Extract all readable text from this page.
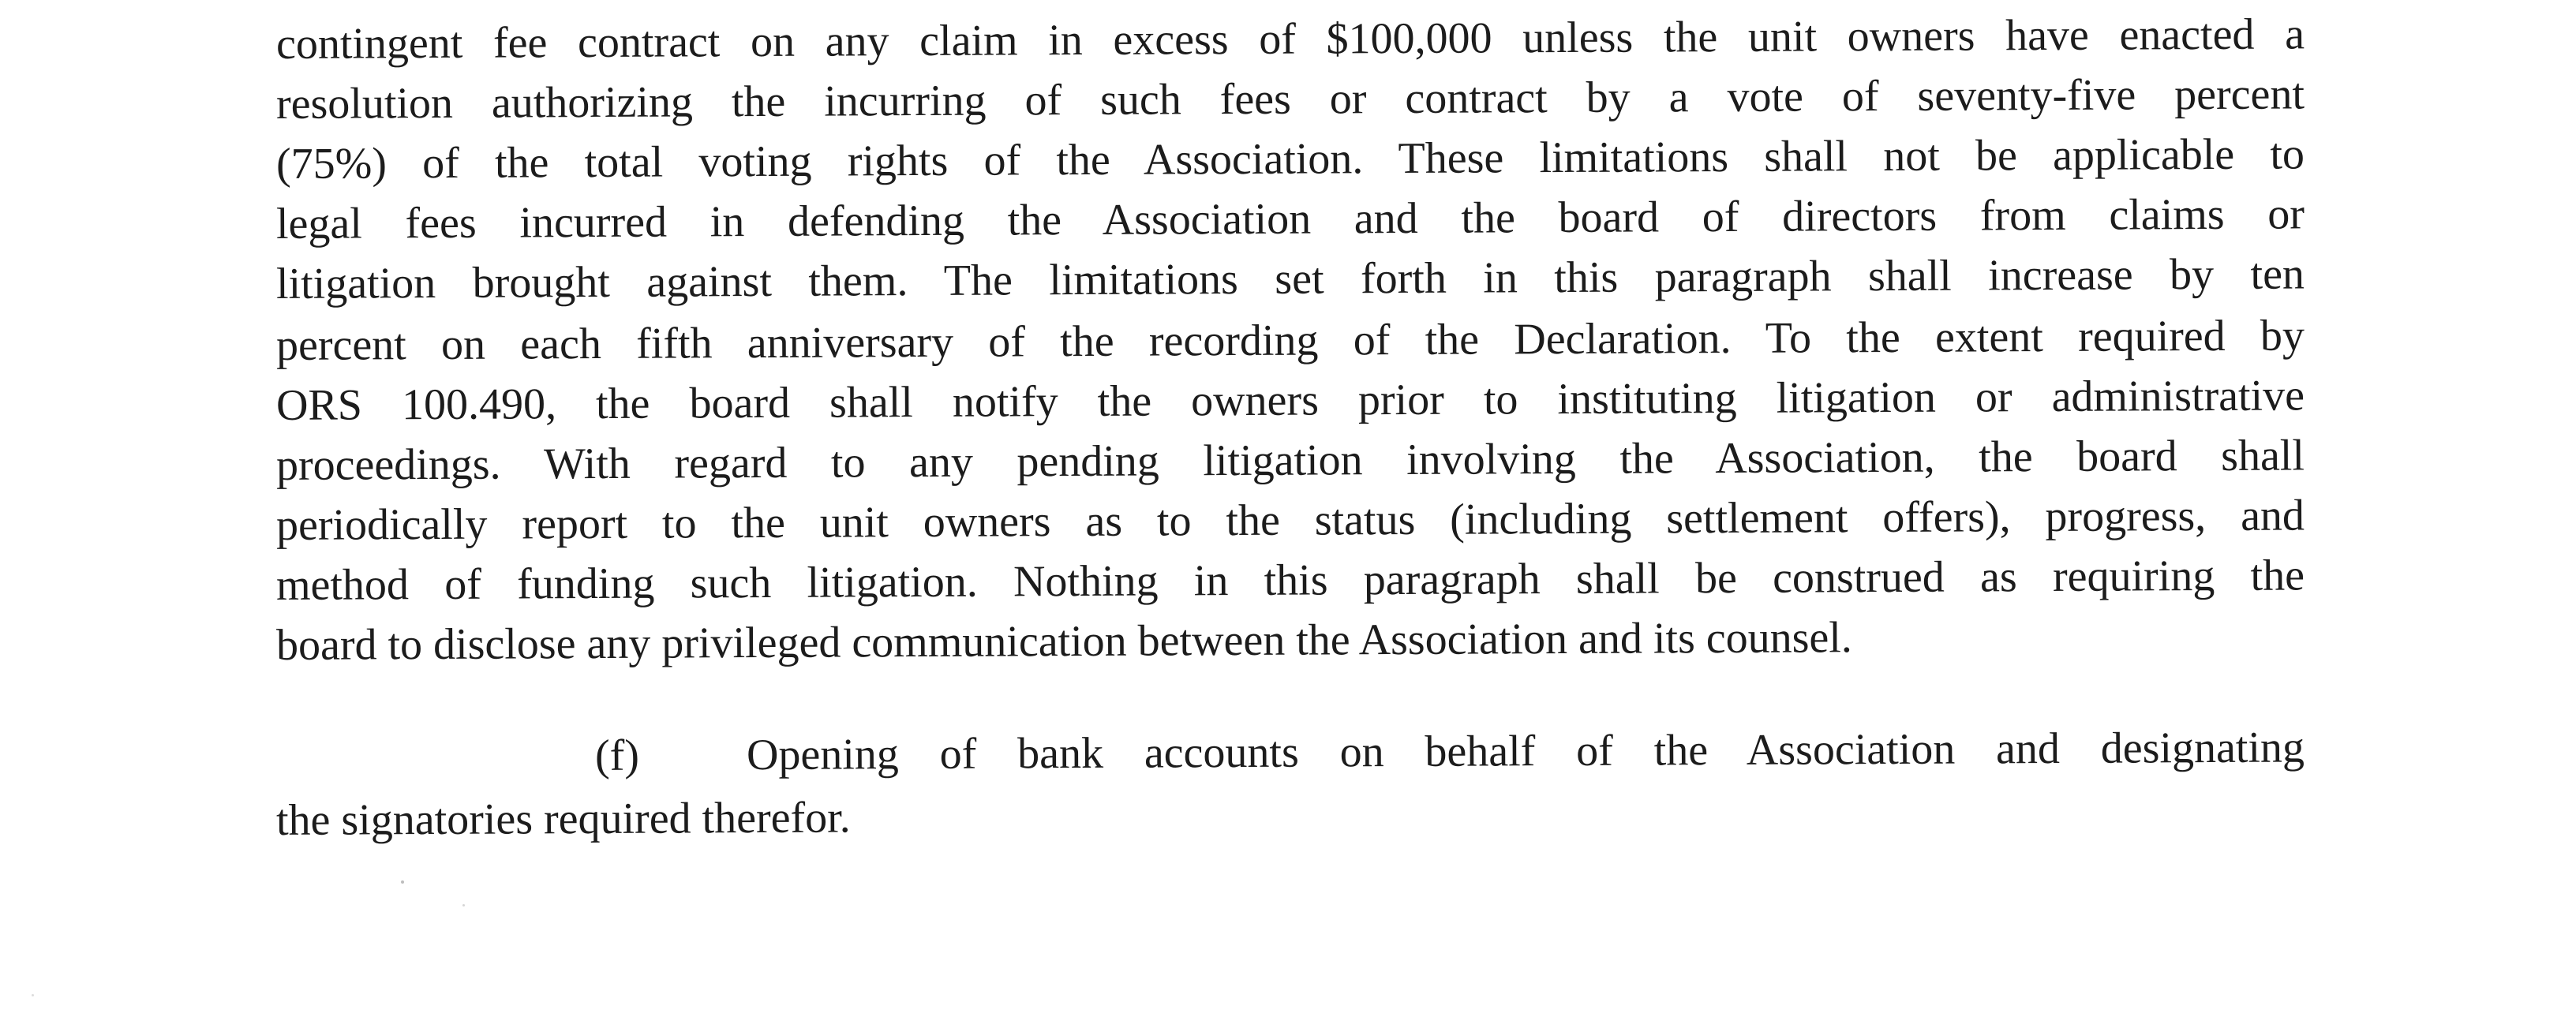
contingent fee contract on any claim in excess of $100,000 unless the unit owners have enacted a
resolution authorizing the incurring of such fees or contract by a vote of seventy-five percent
(75%) of the total voting rights of the Association. These limitations shall not be applicable to
legal fees incurred in defending the Association and the board of directors from claims or
litigation brought against them. The limitations set forth in this paragraph shall increase by ten
percent on each fifth anniversary of the recording of the Declaration. To the extent required by
ORS 100.490, the board shall notify the owners prior to instituting litigation or administrative
proceedings. With regard to any pending litigation involving the Association, the board shall
periodically report to the unit owners as to the status (including settlement offers), progress, and
method of funding such litigation. Nothing in this paragraph shall be construed as requiring the
board to disclose any privileged communication between the Association and its counsel.
(f)	Opening of bank accounts on behalf of the Association and designating
the signatories required therefor.
